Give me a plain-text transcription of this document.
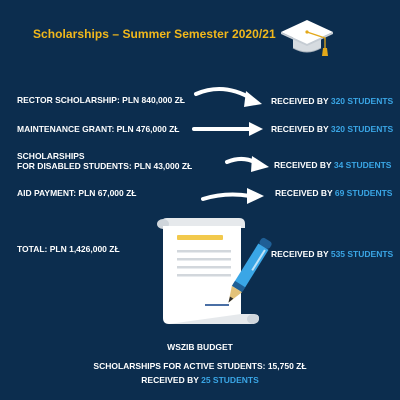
Scholarships – Summer Semester 2020/21
RECTOR SCHOLARSHIP: PLN 840,000 ZŁ	RECEIVED BY 320 STUDENTS
MAINTENANCE GRANT: PLN 476,000 ZŁ	RECEIVED BY 320 STUDENTS
SCHOLARSHIPS
FOR DISABLED STUDENTS: PLN 43,000 ZŁ	RECEIVED BY 34 STUDENTS
AID PAYMENT: PLN 67,000 ZŁ	RECEIVED BY 69 STUDENTS
TOTAL: PLN 1,426,000 ZŁ	RECEIVED BY 535 STUDENTS
WSZIB BUDGET
SCHOLARSHIPS FOR ACTIVE STUDENTS: 15,750 ZŁ
RECEIVED BY 25 STUDENTS
